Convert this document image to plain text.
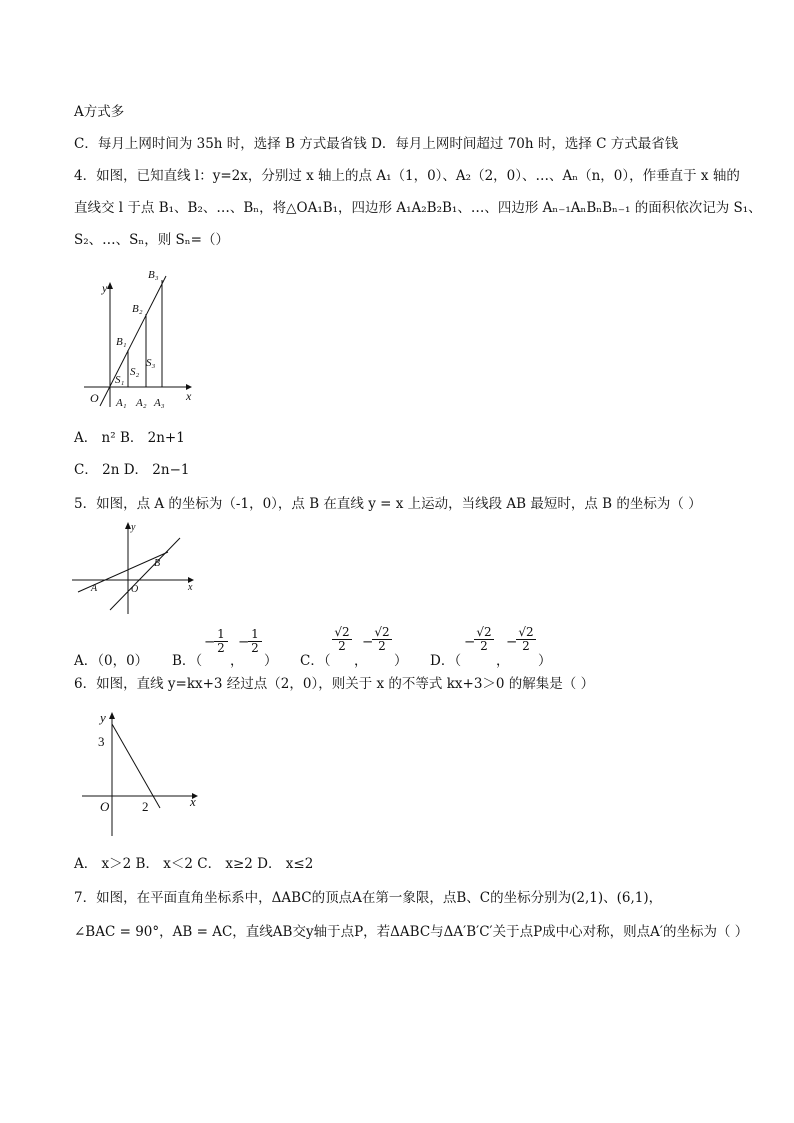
A方式多
C．每月上网时间为 35h 时，选择 B 方式最省钱 D．每月上网时间超过 70h 时，选择 C 方式最省钱
4．如图，已知直线 l：y=2x，分别过 x 轴上的点 A₁（1，0）、A₂（2，0）、…、Aₙ（n，0），作垂直于 x 轴的
直线交 l 于点 B₁、B₂、…、Bₙ，将△OA₁B₁，四边形 A₁A₂B₂B₁、…、四边形 Aₙ₋₁AₙBₙBₙ₋₁ 的面积依次记为 S₁、
S₂、…、Sₙ，则 Sₙ=（）
y
x
O A₁ A₂ A₃
B₁
B₂
B₃
S₁
S₂
S₃
A． n² B． 2n+1
C． 2n D． 2n−1
5．如图，点 A 的坐标为（-1，0），点 B 在直线 y = x 上运动，当线段 AB 最短时，点 B 的坐标为（ ）
y
x
O
A
B
A．（0，0） B．（
−
$\frac{1}{2}$
，
−
$\frac{1}{2}$
） C．（
$\frac{√2}{2}$
，
−
$\frac{√2}{2}$
） D．（
−
$\frac{√2}{2}$
，
−
$\frac{√2}{2}$
）
6．如图，直线 y=kx+3 经过点（2，0），则关于 x 的不等式 kx+3＞0 的解集是（ ）
y
x
3
O	2
A． x＞2 B． x＜2 C． x≥2 D． x≤2
7．如图，在平面直角坐标系中，ΔABC的顶点A在第一象限，点B、C的坐标分别为(2,1)、(6,1)，
∠BAC = 90°，AB = AC，直线AB交y轴于点P，若ΔABC与ΔA′B′C′关于点P成中心对称，则点A′的坐标为（ ）
